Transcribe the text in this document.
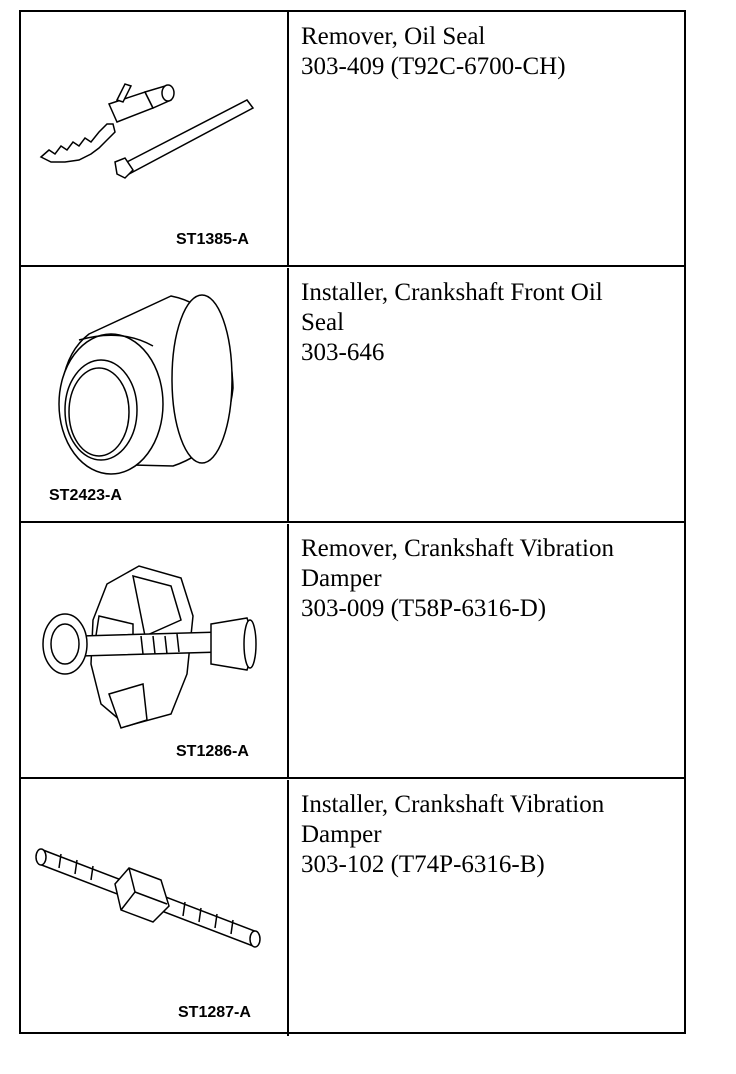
ST1385-A
Remover, Oil Seal
303-409 (T92C-6700-CH)
ST2423-A
Installer, Crankshaft Front Oil
Seal
303-646
ST1286-A
Remover, Crankshaft Vibration
Damper
303-009 (T58P-6316-D)
ST1287-A
Installer, Crankshaft Vibration
Damper
303-102 (T74P-6316-B)
